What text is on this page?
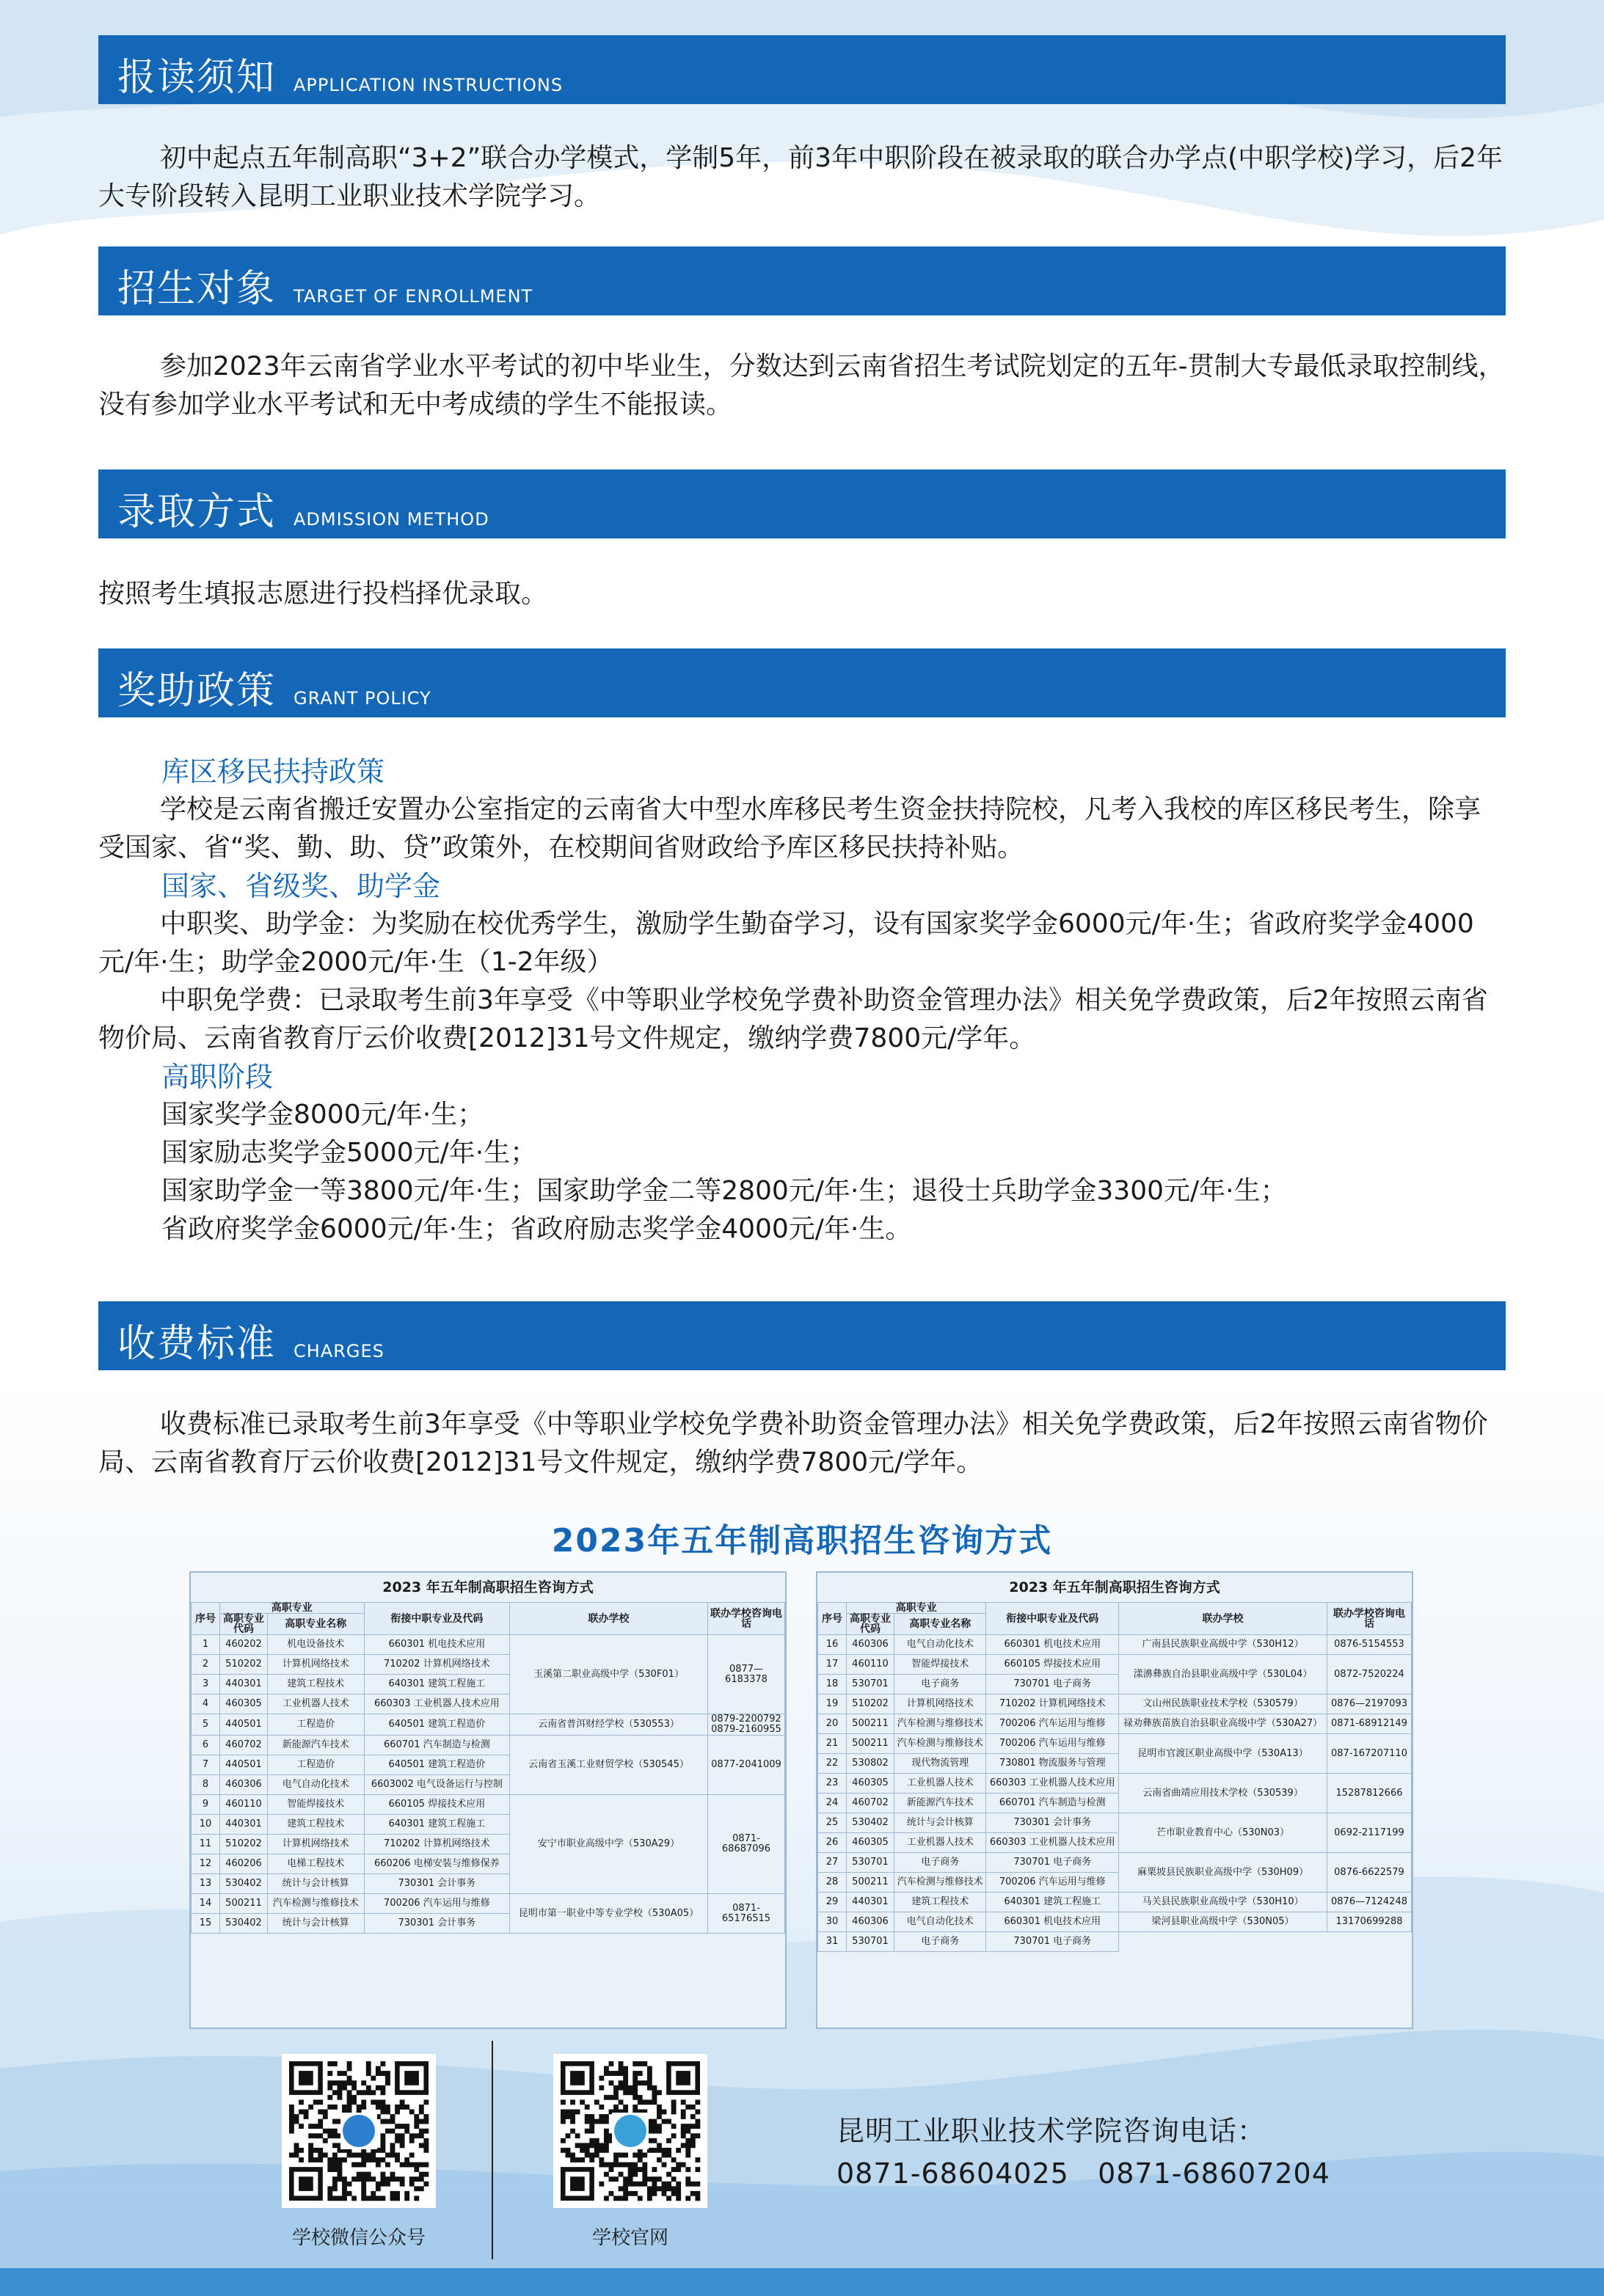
报读须知 APPLICATION INSTRUCTIONS

初中起点五年制高职“3+2”联合办学模式，学制5年，前3年中职阶段在被录取的联合办学点(中职学校)学习，后2年大专阶段转入昆明工业职业技术学院学习。

招生对象 TARGET OF ENROLLMENT

参加2023年云南省学业水平考试的初中毕业生，分数达到云南省招生考试院划定的五年-贯制大专最低录取控制线，没有参加学业水平考试和无中考成绩的学生不能报读。

录取方式 ADMISSION METHOD

按照考生填报志愿进行投档择优录取。

奖助政策 GRANT POLICY
库区移民扶持政策

学校是云南省搬迁安置办公室指定的云南省大中型水库移民考生资金扶持院校，凡考入我校的库区移民考生，除享受国家、省“奖、勤、助、贷”政策外，在校期间省财政给予库区移民扶持补贴。

国家、省级奖、助学金

中职奖、助学金：为奖励在校优秀学生，激励学生勤奋学习，设有国家奖学金6000元/年·生；省政府奖学金4000元/年·生；助学金2000元/年·生（1-2年级）

中职免学费：已录取考生前3年享受《中等职业学校免学费补助资金管理办法》相关免学费政策，后2年按照云南省物价局、云南省教育厅云价收费[2012]31号文件规定，缴纳学费7800元/学年。

高职阶段
国家奖学金8000元/年·生；
国家励志奖学金5000元/年·生；
国家助学金一等3800元/年·生；国家助学金二等2800元/年·生；退役士兵助学金3300元/年·生；
省政府奖学金6000元/年·生；省政府励志奖学金4000元/年·生。
收费标准 CHARGES

收费标准已录取考生前3年享受《中等职业学校免学费补助资金管理办法》相关免学费政策，后2年按照云南省物价局、云南省教育厅云价收费[2012]31号文件规定，缴纳学费7800元/学年。

2023年五年制高职招生咨询方式
2023 年五年制高职招生咨询方式
序号	高职专业		衔接中职专业及代码	联办学校	联办学校咨询电话
	高职专业代码	高职专业名称			
1	460202	机电设备技术	660301 机电技术应用	玉溪第二职业高级中学（530F01）	0877—6183378
2	510202	计算机网络技术	710202 计算机网络技术		
3	440301	建筑工程技术	640301 建筑工程施工		
4	460305	工业机器人技术	660303 工业机器人技术应用		
5	440501	工程造价	640501 建筑工程造价	云南省普洱财经学校（530553）	0879-2200792 0879-2160955
6	460702	新能源汽车技术	660701 汽车制造与检测	云南省玉溪工业财贸学校（530545）	0877-2041009
7	440501	工程造价	640501 建筑工程造价		
8	460306	电气自动化技术	6603002 电气设备运行与控制		
9	460110	智能焊接技术	660105 焊接技术应用	安宁市职业高级中学（530A29）	0871-68687096
10	440301	建筑工程技术	640301 建筑工程施工		
11	510202	计算机网络技术	710202 计算机网络技术		
12	460206	电梯工程技术	660206 电梯安装与维修保养		
13	530402	统计与会计核算	730301 会计事务		
14	500211	汽车检测与维修技术	700206 汽车运用与维修	昆明市第一职业中等专业学校（530A05）	0871-65176515
15	530402	统计与会计核算	730301 会计事务		
2023 年五年制高职招生咨询方式
序号	高职专业		衔接中职专业及代码	联办学校	联办学校咨询电话
	高职专业代码	高职专业名称			
16	460306	电气自动化技术	660301 机电技术应用	广南县民族职业高级中学（530H12）	0876-5154553
17	460110	智能焊接技术	660105 焊接技术应用	漾濞彝族自治县职业高级中学（530L04）	0872-7520224
18	530701	电子商务	730701 电子商务		
19	510202	计算机网络技术	710202 计算机网络技术	文山州民族职业技术学校（530579）	0876—2197093
20	500211	汽车检测与维修技术	700206 汽车运用与维修	禄劝彝族苗族自治县职业高级中学（530A27）	0871-68912149
21	500211	汽车检测与维修技术	700206 汽车运用与维修	昆明市官渡区职业高级中学（530A13）	087-167207110
22	530802	现代物流管理	730801 物流服务与管理		
23	460305	工业机器人技术	660303 工业机器人技术应用	云南省曲靖应用技术学校（530539）	15287812666
24	460702	新能源汽车技术	660701 汽车制造与检测		
25	530402	统计与会计核算	730301 会计事务	芒市职业教育中心（530N03）	0692-2117199
26	460305	工业机器人技术	660303 工业机器人技术应用		
27	530701	电子商务	730701 电子商务	麻栗坡县民族职业高级中学（530H09）	0876-6622579
28	500211	汽车检测与维修技术	700206 汽车运用与维修		
29	440301	建筑工程技术	640301 建筑工程施工	马关县民族职业高级中学（530H10）	0876—7124248
30	460306	电气自动化技术	660301 机电技术应用	梁河县职业高级中学（530N05）	13170699288
31	530701	电子商务	730701 电子商务		
学校微信公众号	学校官网
昆明工业职业技术学院咨询电话：
0871-68604025   0871-68607204
